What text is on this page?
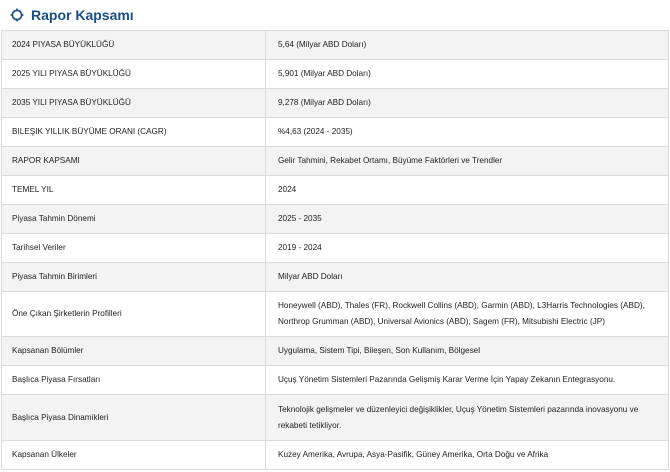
Rapor Kapsamı
2024 PIYASA BÜYÜKLÜĞÜ	5,64 (Milyar ABD Doları)
2025 YILI PIYASA BÜYÜKLÜĞÜ	5,901 (Milyar ABD Doları)
2035 YILI PIYASA BÜYÜKLÜĞÜ	9,278 (Milyar ABD Doları)
BILEŞIK YILLIK BÜYÜME ORANI (CAGR)	%4,63 (2024 - 2035)
RAPOR KAPSAMI	Gelir Tahmini, Rekabet Ortamı, Büyüme Faktörleri ve Trendler
TEMEL YIL	2024
Piyasa Tahmin Dönemi	2025 - 2035
Tarihsel Veriler	2019 - 2024
Piyasa Tahmin Birimleri	Milyar ABD Doları
Öne Çıkan Şirketlerin Profilleri	Honeywell (ABD), Thales (FR), Rockwell Collins (ABD), Garmin (ABD), L3Harris Technologies (ABD), Northrop Grumman (ABD), Universal Avionics (ABD), Sagem (FR), Mitsubishi Electric (JP)
Kapsanan Bölümler	Uygulama, Sistem Tipi, Bileşen, Son Kullanım, Bölgesel
Başlıca Piyasa Fırsatları	Uçuş Yönetim Sistemleri Pazarında Gelişmiş Karar Verme İçin Yapay Zekanın Entegrasyonu.
Başlıca Piyasa Dinamikleri	Teknolojik gelişmeler ve düzenleyici değişiklikler, Uçuş Yönetim Sistemleri pazarında inovasyonu ve rekabeti tetikliyor.
Kapsanan Ülkeler	Kuzey Amerika, Avrupa, Asya-Pasifik, Güney Amerika, Orta Doğu ve Afrika
